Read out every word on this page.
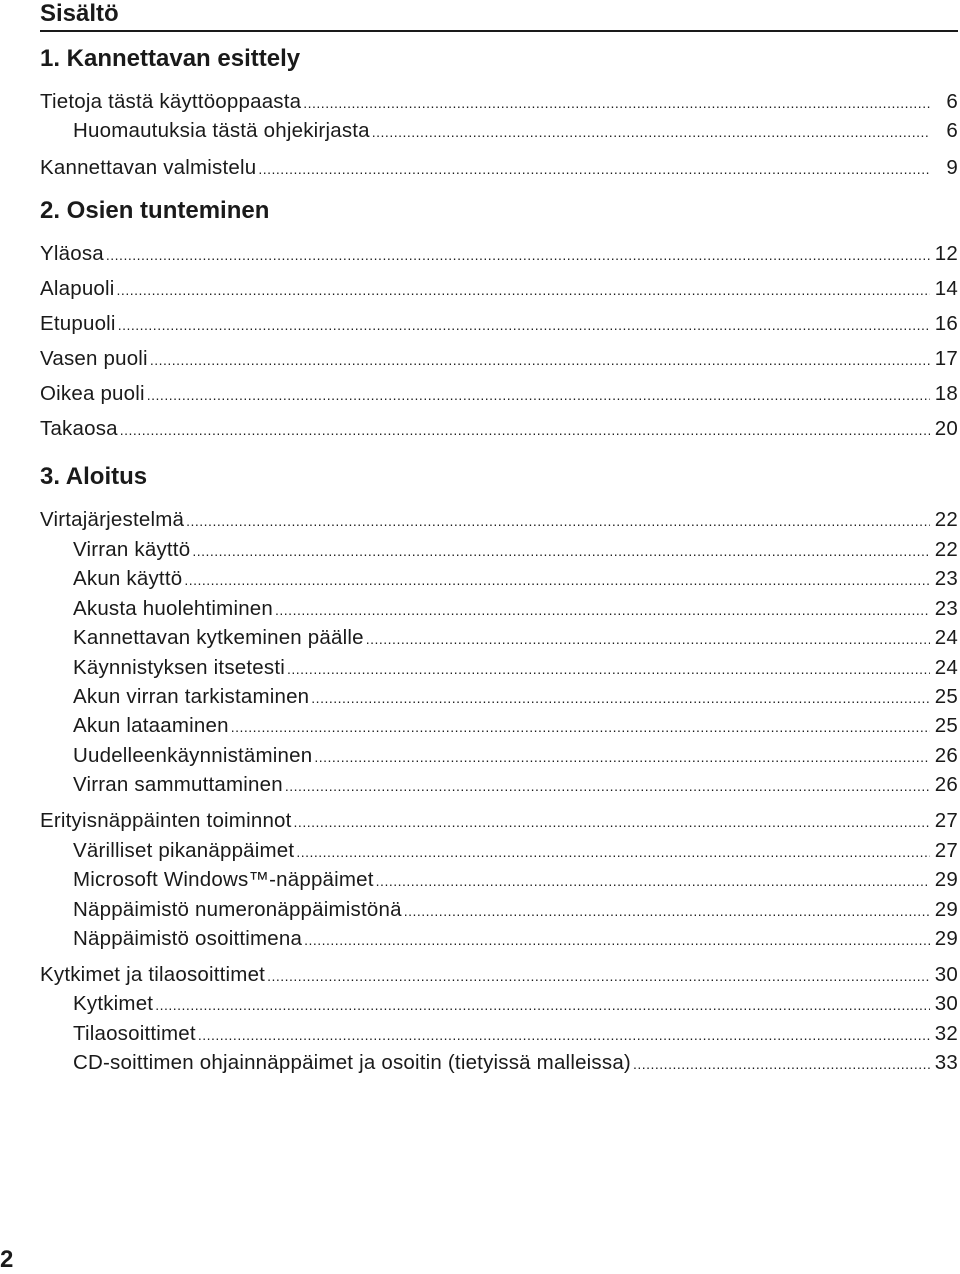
Sisältö
1. Kannettavan esittely
Tietoja tästä käyttöoppaasta .....	6
Huomautuksia tästä ohjekirjasta .....	6
Kannettavan valmistelu .....	9
2. Osien tunteminen
Yläosa .....	12
Alapuoli .....	14
Etupuoli .....	16
Vasen puoli .....	17
Oikea puoli .....	18
Takaosa .....	20
3. Aloitus
Virtajärjestelmä .....	22
Virran käyttö .....	22
Akun käyttö .....	23
Akusta huolehtiminen .....	23
Kannettavan kytkeminen päälle .....	24
Käynnistyksen itsetesti .....	24
Akun virran tarkistaminen .....	25
Akun lataaminen .....	25
Uudelleenkäynnistäminen .....	26
Virran sammuttaminen .....	26
Erityisnäppäinten toiminnot .....	27
Värilliset pikanäppäimet .....	27
Microsoft Windows™-näppäimet .....	29
Näppäimistö numeronäppäimistönä .....	29
Näppäimistö osoittimena .....	29
Kytkimet ja tilaosoittimet .....	30
Kytkimet .....	30
Tilaosoittimet .....	32
CD-soittimen ohjainnäppäimet ja osoitin (tietyissä malleissa) .....	33
2
